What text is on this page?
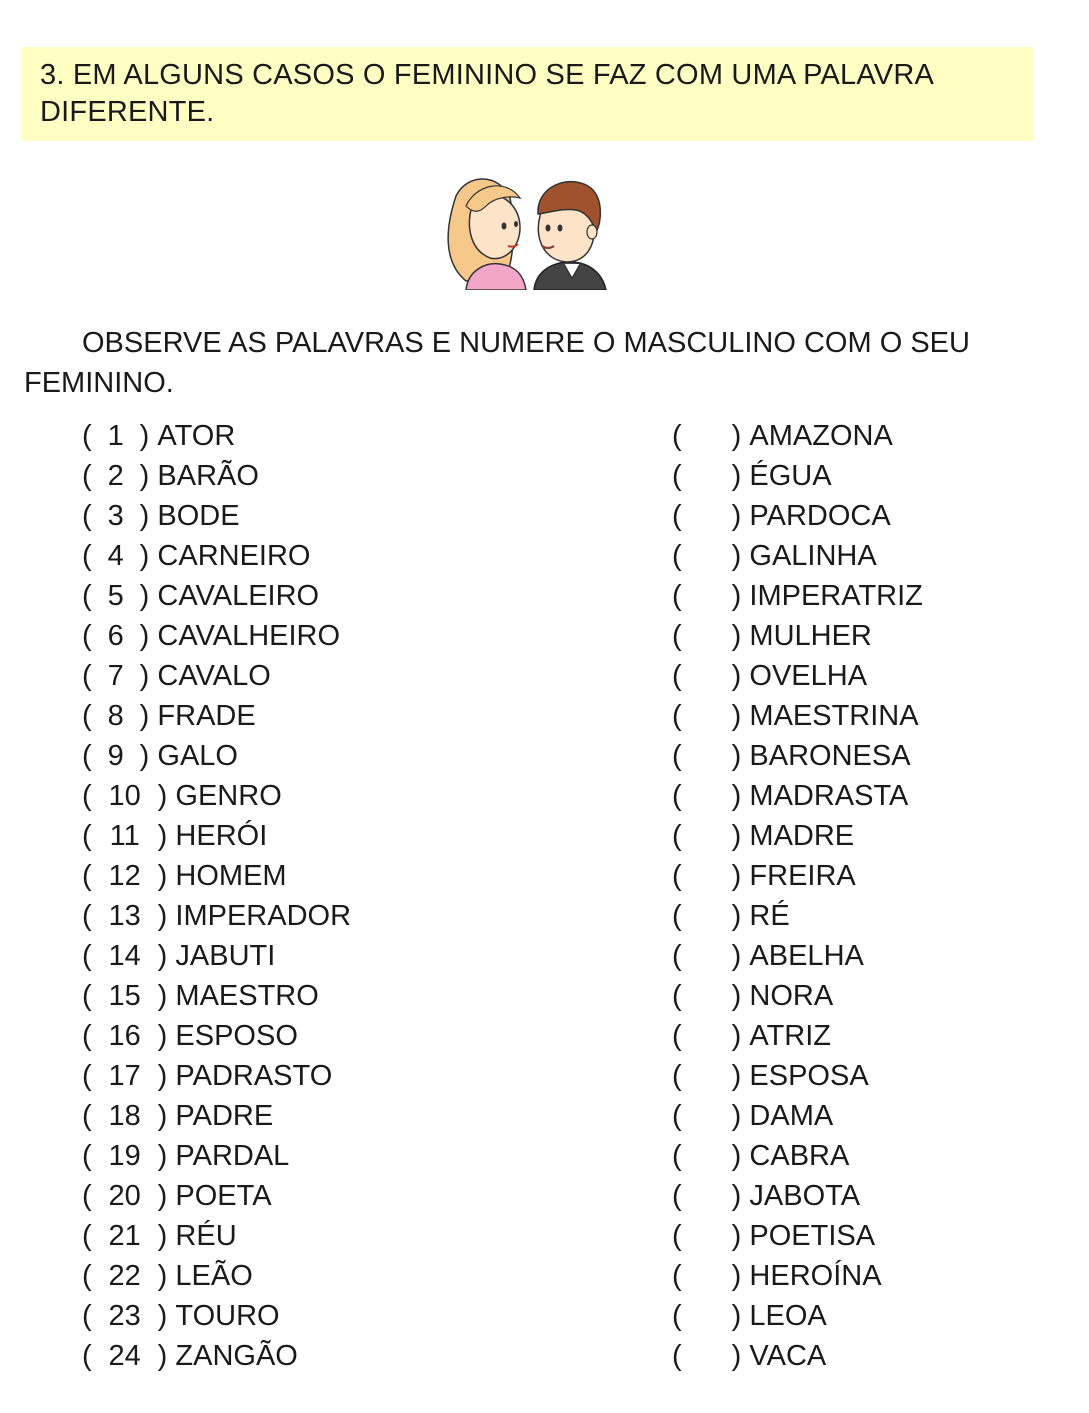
3. EM ALGUNS CASOS O FEMININO SE FAZ COM UMA PALAVRA
DIFERENTE.
OBSERVE AS PALAVRAS E NUMERE O MASCULINO COM O SEU
FEMININO.
( 1 ) ATOR
( 2 ) BARÃO
( 3 ) BODE
( 4 ) CARNEIRO
( 5 ) CAVALEIRO
( 6 ) CAVALHEIRO
( 7 ) CAVALO
( 8 ) FRADE
( 9 ) GALO
( 10 ) GENRO
( 11 ) HERÓI
( 12 ) HOMEM
( 13 ) IMPERADOR
( 14 ) JABUTI
( 15 ) MAESTRO
( 16 ) ESPOSO
( 17 ) PADRASTO
( 18 ) PADRE
( 19 ) PARDAL
( 20 ) POETA
( 21 ) RÉU
( 22 ) LEÃO
( 23 ) TOURO
( 24 ) ZANGÃO
( ) AMAZONA
( ) ÉGUA
( ) PARDOCA
( ) GALINHA
( ) IMPERATRIZ
( ) MULHER
( ) OVELHA
( ) MAESTRINA
( ) BARONESA
( ) MADRASTA
( ) MADRE
( ) FREIRA
( ) RÉ
( ) ABELHA
( ) NORA
( ) ATRIZ
( ) ESPOSA
( ) DAMA
( ) CABRA
( ) JABOTA
( ) POETISA
( ) HEROÍNA
( ) LEOA
( ) VACA
